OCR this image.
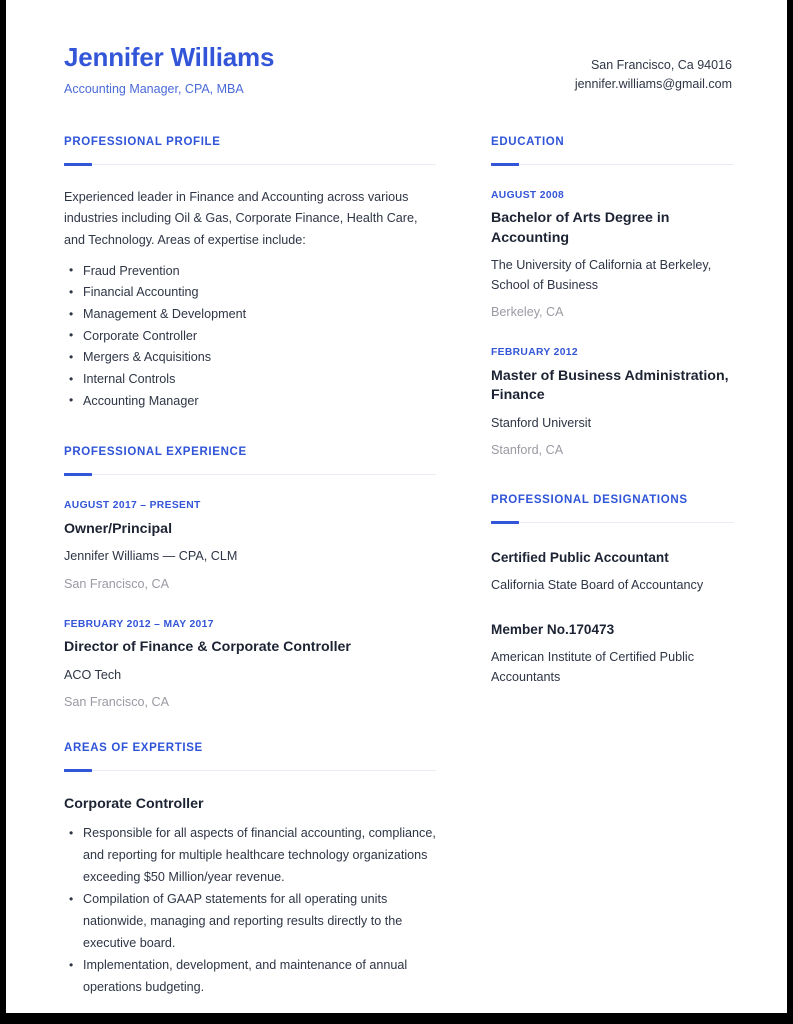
Jennifer Williams
Accounting Manager, CPA, MBA
San Francisco, Ca 94016
jennifer.williams@gmail.com
PROFESSIONAL PROFILE
Experienced leader in Finance and Accounting across various industries including Oil & Gas, Corporate Finance, Health Care, and Technology. Areas of expertise include:
• Fraud Prevention
• Financial Accounting
• Management & Development
• Corporate Controller
• Mergers & Acquisitions
• Internal Controls
• Accounting Manager
PROFESSIONAL EXPERIENCE
AUGUST 2017 – PRESENT
Owner/Principal
Jennifer Williams — CPA, CLM
San Francisco, CA
FEBRUARY 2012 – MAY 2017
Director of Finance & Corporate Controller
ACO Tech
San Francisco, CA
AREAS OF EXPERTISE
Corporate Controller
• Responsible for all aspects of financial accounting, compliance, and reporting for multiple healthcare technology organizations exceeding $50 Million/year revenue.
• Compilation of GAAP statements for all operating units nationwide, managing and reporting results directly to the executive board.
• Implementation, development, and maintenance of annual operations budgeting.
EDUCATION
AUGUST 2008
Bachelor of Arts Degree in Accounting
The University of California at Berkeley, School of Business
Berkeley, CA
FEBRUARY 2012
Master of Business Administration, Finance
Stanford Universit
Stanford, CA
PROFESSIONAL DESIGNATIONS
Certified Public Accountant
California State Board of Accountancy
Member No.170473
American Institute of Certified Public Accountants
